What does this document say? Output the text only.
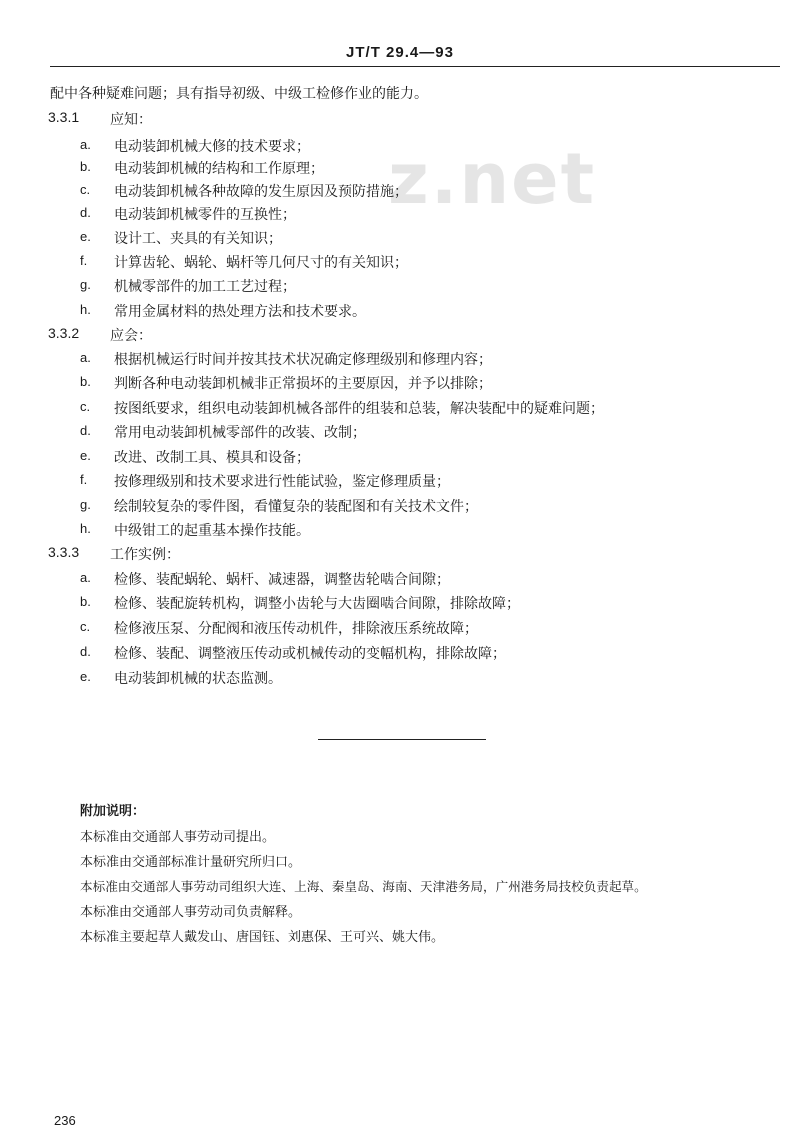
JT/T 29.4—93
z.net
配中各种疑难问题；具有指导初级、中级工检修作业的能力。
3.3.1 应知：
a. 电动装卸机械大修的技术要求；
b. 电动装卸机械的结构和工作原理；
c. 电动装卸机械各种故障的发生原因及预防措施；
d. 电动装卸机械零件的互换性；
e. 设计工、夹具的有关知识；
f. 计算齿轮、蜗轮、蜗杆等几何尺寸的有关知识；
g. 机械零部件的加工工艺过程；
h. 常用金属材料的热处理方法和技术要求。
3.3.2 应会：
a. 根据机械运行时间并按其技术状况确定修理级别和修理内容；
b. 判断各种电动装卸机械非正常损坏的主要原因，并予以排除；
c. 按图纸要求，组织电动装卸机械各部件的组装和总装，解决装配中的疑难问题；
d. 常用电动装卸机械零部件的改装、改制；
e. 改进、改制工具、模具和设备；
f. 按修理级别和技术要求进行性能试验，鉴定修理质量；
g. 绘制较复杂的零件图，看懂复杂的装配图和有关技术文件；
h. 中级钳工的起重基本操作技能。
3.3.3 工作实例：
a. 检修、装配蜗轮、蜗杆、减速器，调整齿轮啮合间隙；
b. 检修、装配旋转机构，调整小齿轮与大齿圈啮合间隙，排除故障；
c. 检修液压泵、分配阀和液压传动机件，排除液压系统故障；
d. 检修、装配、调整液压传动或机械传动的变幅机构，排除故障；
e. 电动装卸机械的状态监测。
附加说明：
本标准由交通部人事劳动司提出。
本标准由交通部标准计量研究所归口。
本标准由交通部人事劳动司组织大连、上海、秦皇岛、海南、天津港务局，广州港务局技校负责起草。
本标准由交通部人事劳动司负责解释。
本标准主要起草人戴发山、唐国钰、刘惠保、王可兴、姚大伟。
236
